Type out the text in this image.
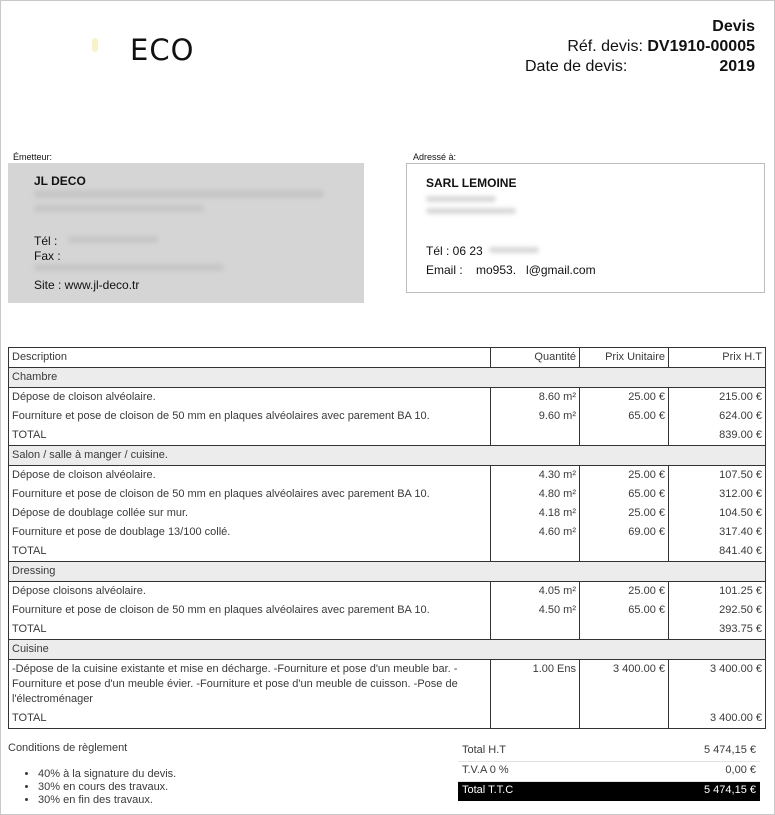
ECO
Devis
Réf. devis: DV1910-00005
Date de devis:	2019
Émetteur:
JL DECO
Tél :
Fax :
Site : www.jl-deco.tr
Adressé à:
SARL LEMOINE
Tél : 06 23
Email :    mo953.   l@gmail.com
Description	Quantité	Prix Unitaire	Prix H.T
Chambre			
Dépose de cloison alvéolaire.	8.60 m²	25.00 €	215.00 €
Fourniture et pose de cloison de 50 mm en plaques alvéolaires avec parement BA 10.	9.60 m²	65.00 €	624.00 €
TOTAL			839.00 €
Salon / salle à manger / cuisine.			
Dépose de cloison alvéolaire.	4.30 m²	25.00 €	107.50 €
Fourniture et pose de cloison de 50 mm en plaques alvéolaires avec parement BA 10.	4.80 m²	65.00 €	312.00 €
Dépose de doublage collée sur mur.	4.18 m²	25.00 €	104.50 €
Fourniture et pose de doublage 13/100 collé.	4.60 m²	69.00 €	317.40 €
TOTAL			841.40 €
Dressing			
Dépose cloisons alvéolaire.	4.05 m²	25.00 €	101.25 €
Fourniture et pose de cloison de 50 mm en plaques alvéolaires avec parement BA 10.	4.50 m²	65.00 €	292.50 €
TOTAL			393.75 €
Cuisine			
-Dépose de la cuisine existante et mise en décharge. -Fourniture et pose d'un meuble bar. -Fourniture et pose d'un meuble évier. -Fourniture et pose d'un meuble de cuisson. -Pose de l'électroménager	1.00 Ens	3 400.00 €	3 400.00 €
TOTAL			3 400.00 €
Conditions de règlement
• 40% à la signature du devis.
• 30% en cours des travaux.
• 30% en fin des travaux.
Total H.T	5 474,15 €
T.V.A 0 %	0,00 €
Total T.T.C	5 474,15 €
